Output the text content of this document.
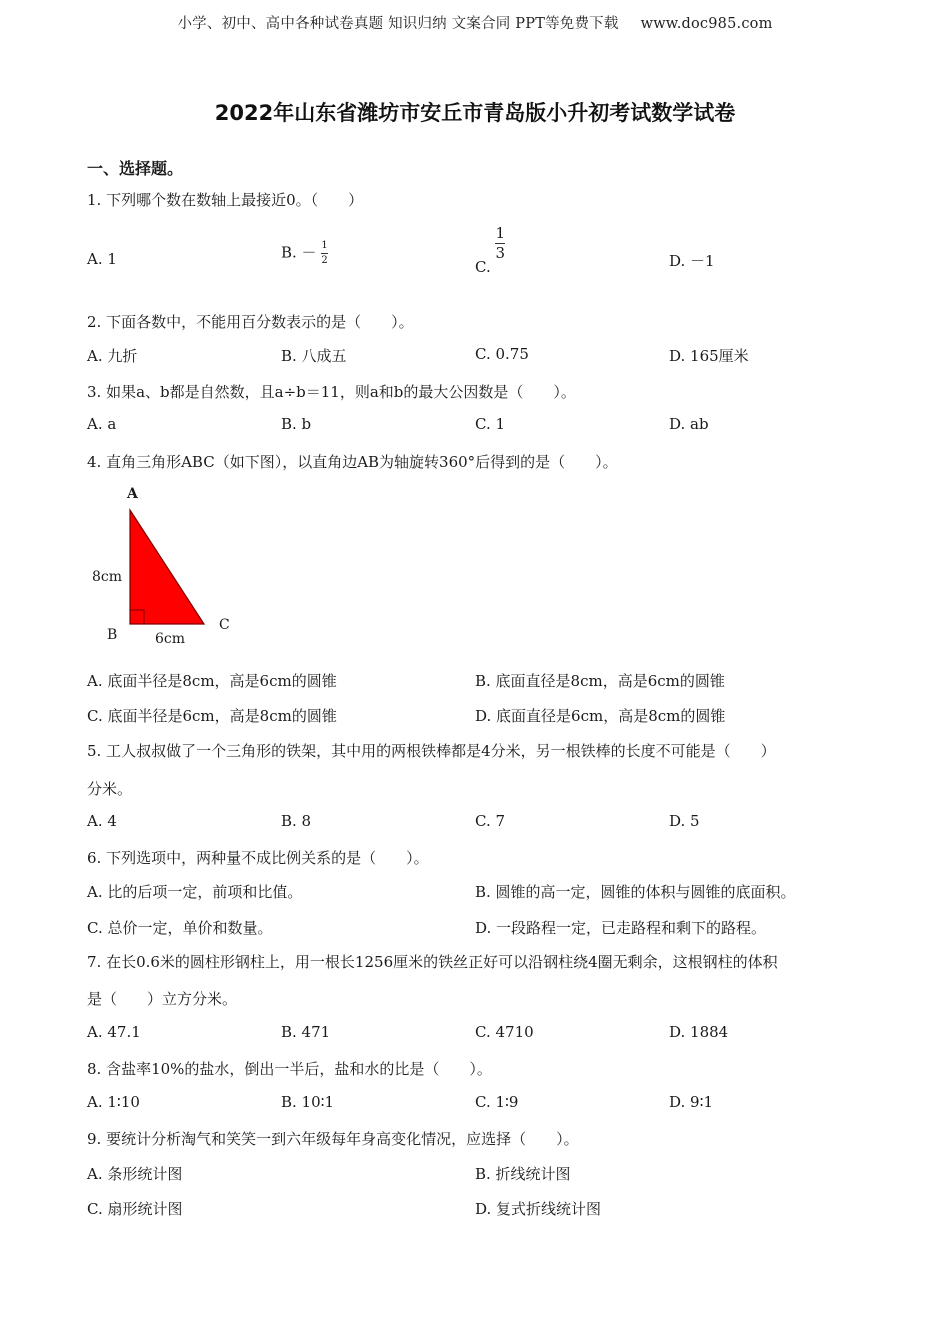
小学、初中、高中各种试卷真题 知识归纳 文案合同 PPT等免费下载 www.doc985.com
2022年山东省潍坊市安丘市青岛版小升初考试数学试卷
一、选择题。
1. 下列哪个数在数轴上最接近0。（　　）
A. 1	B. － $\frac{1}{2}$
C.
$\frac{1}{3}$	D. －1
2. 下面各数中，不能用百分数表示的是（　　）。
A. 九折	B. 八成五	C. 0.75	D. 165厘米
3. 如果a、b都是自然数，且a÷b＝11，则a和b的最大公因数是（　　）。
A. a	B. b	C. 1	D. ab
4. 直角三角形ABC（如下图），以直角边AB为轴旋转360°后得到的是（　　）。
A
8cm
B	6cm
C
A. 底面半径是8cm，高是6cm的圆锥	B. 底面直径是8cm，高是6cm的圆锥
C. 底面半径是6cm，高是8cm的圆锥	D. 底面直径是6cm，高是8cm的圆锥
5. 工人叔叔做了一个三角形的铁架，其中用的两根铁棒都是4分米，另一根铁棒的长度不可能是（　　）
分米。
A. 4	B. 8	C. 7	D. 5
6. 下列选项中，两种量不成比例关系的是（　　）。
A. 比的后项一定，前项和比值。	B. 圆锥的高一定，圆锥的体积与圆锥的底面积。
C. 总价一定，单价和数量。	D. 一段路程一定，已走路程和剩下的路程。
7. 在长0.6米的圆柱形钢柱上，用一根长1256厘米的铁丝正好可以沿钢柱绕4圈无剩余，这根钢柱的体积
是（　　）立方分米。
A. 47.1	B. 471	C. 4710	D. 1884
8. 含盐率10%的盐水，倒出一半后，盐和水的比是（　　）。
A. 1∶10	B. 10∶1	C. 1∶9	D. 9∶1
9. 要统计分析淘气和笑笑一到六年级每年身高变化情况，应选择（　　）。
A. 条形统计图	B. 折线统计图
C. 扇形统计图	D. 复式折线统计图
